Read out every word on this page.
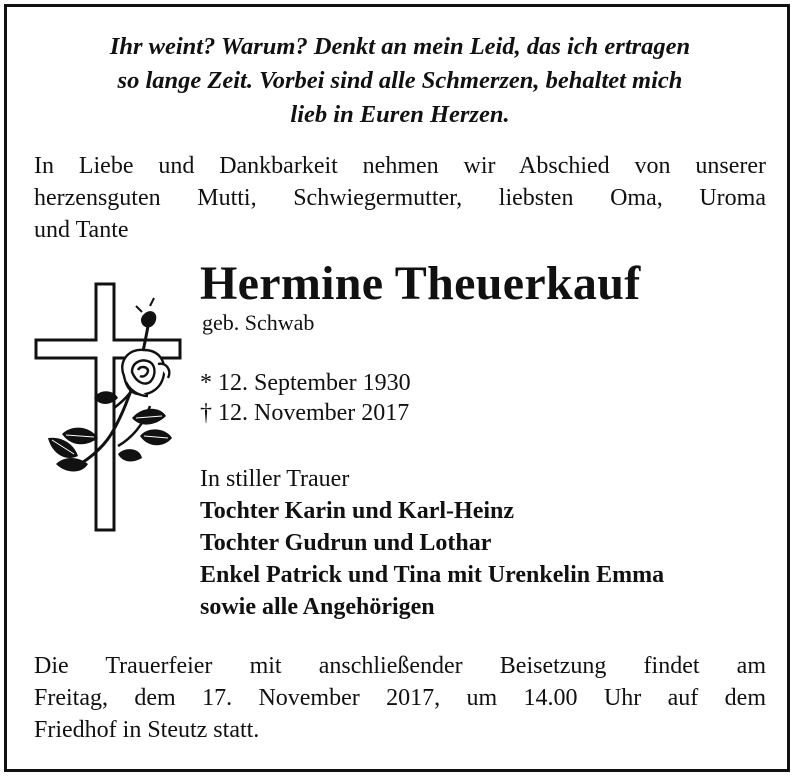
Ihr weint? Warum? Denkt an mein Leid, das ich ertragen
so lange Zeit. Vorbei sind alle Schmerzen, behaltet mich
lieb in Euren Herzen.
In Liebe und Dankbarkeit nehmen wir Abschied von unserer
herzensguten Mutti, Schwiegermutter, liebsten Oma, Uroma
und Tante
Hermine Theuerkauf
geb. Schwab
* 12. September 1930
† 12. November 2017
In stiller Trauer
Tochter Karin und Karl-Heinz
Tochter Gudrun und Lothar
Enkel Patrick und Tina mit Urenkelin Emma
sowie alle Angehörigen
Die Trauerfeier mit anschließender Beisetzung findet am
Freitag, dem 17. November 2017, um 14.00 Uhr auf dem
Friedhof in Steutz statt.
